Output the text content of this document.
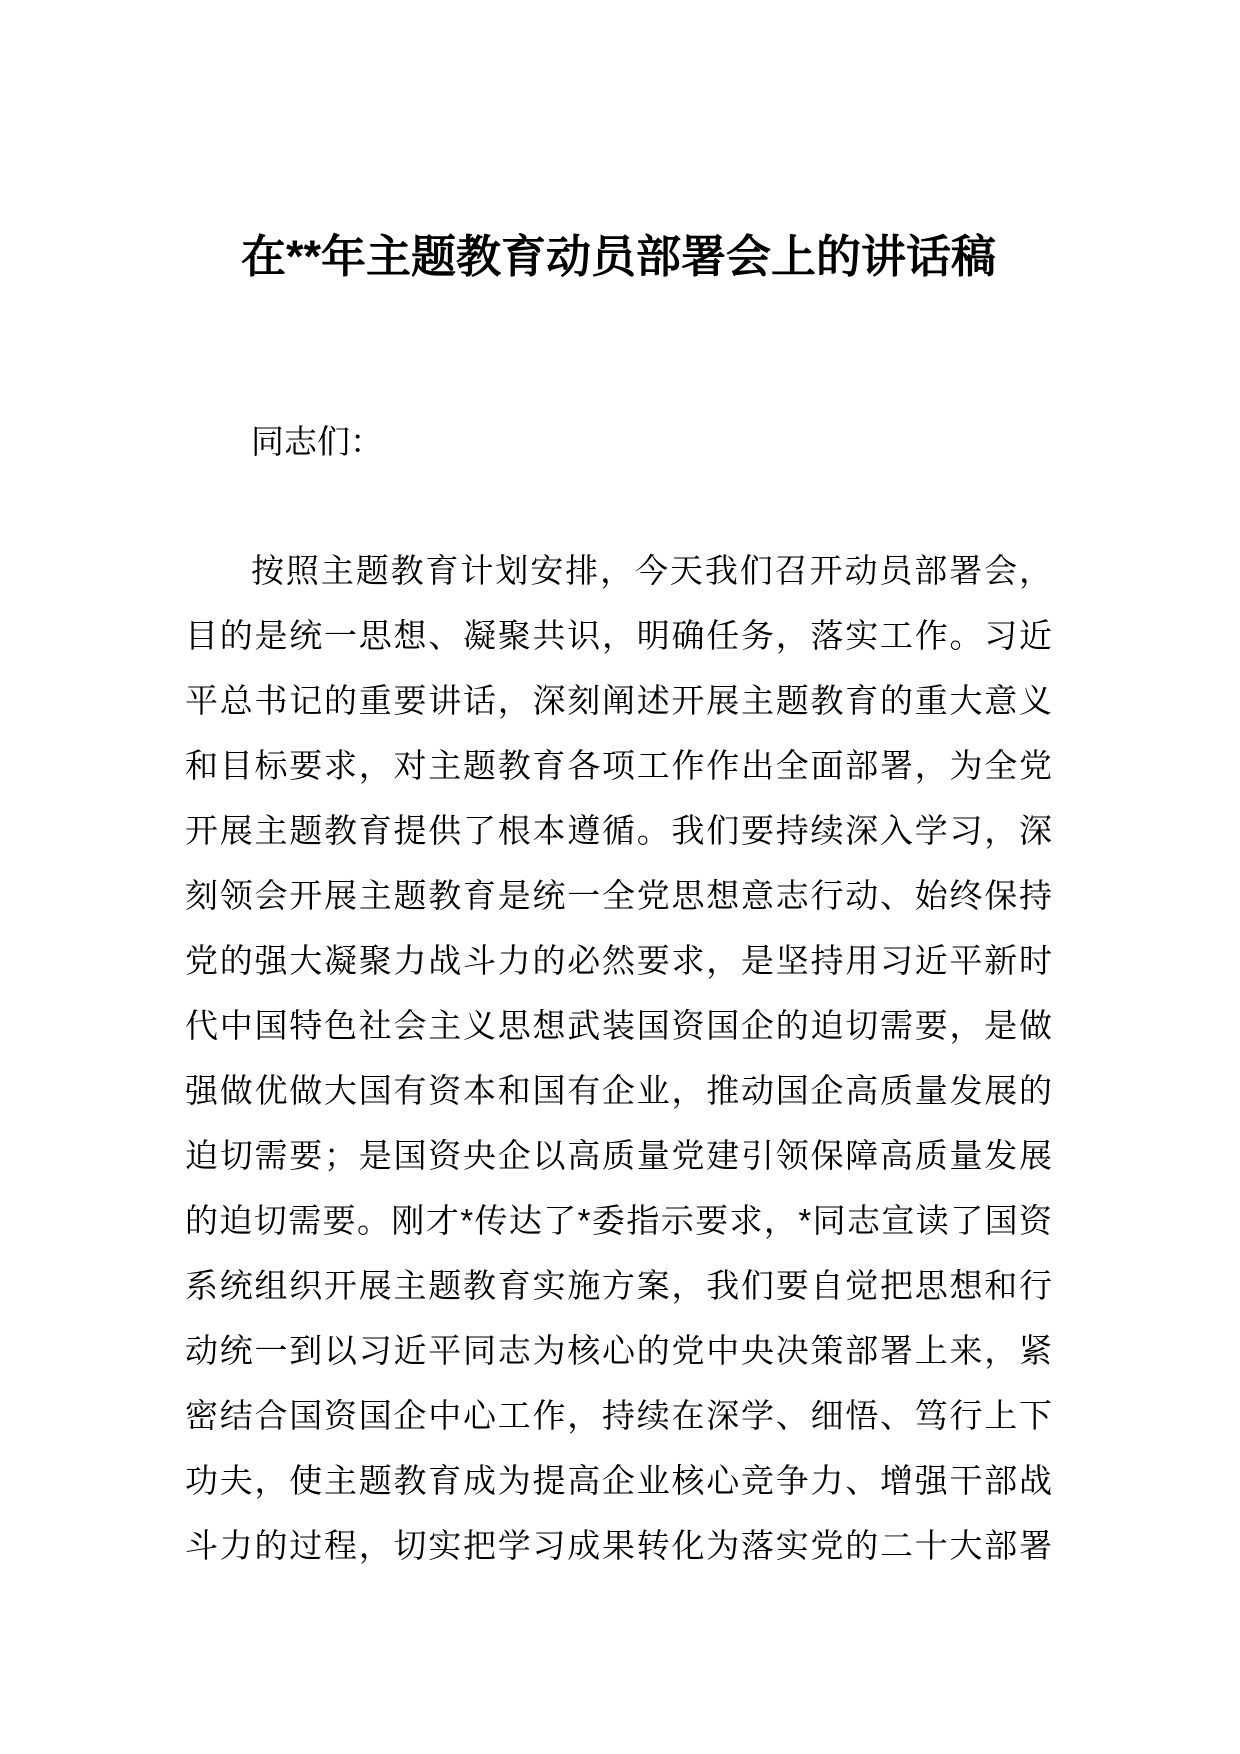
在**年主题教育动员部署会上的讲话稿
同志们：
按照主题教育计划安排，今天我们召开动员部署会，
目的是统一思想、凝聚共识，明确任务，落实工作。习近
平总书记的重要讲话，深刻阐述开展主题教育的重大意义
和目标要求，对主题教育各项工作作出全面部署，为全党
开展主题教育提供了根本遵循。我们要持续深入学习，深
刻领会开展主题教育是统一全党思想意志行动、始终保持
党的强大凝聚力战斗力的必然要求，是坚持用习近平新时
代中国特色社会主义思想武装国资国企的迫切需要，是做
强做优做大国有资本和国有企业，推动国企高质量发展的
迫切需要；是国资央企以高质量党建引领保障高质量发展
的迫切需要。刚才*传达了*委指示要求，*同志宣读了国资
系统组织开展主题教育实施方案，我们要自觉把思想和行
动统一到以习近平同志为核心的党中央决策部署上来，紧
密结合国资国企中心工作，持续在深学、细悟、笃行上下
功夫，使主题教育成为提高企业核心竞争力、增强干部战
斗力的过程，切实把学习成果转化为落实党的二十大部署
